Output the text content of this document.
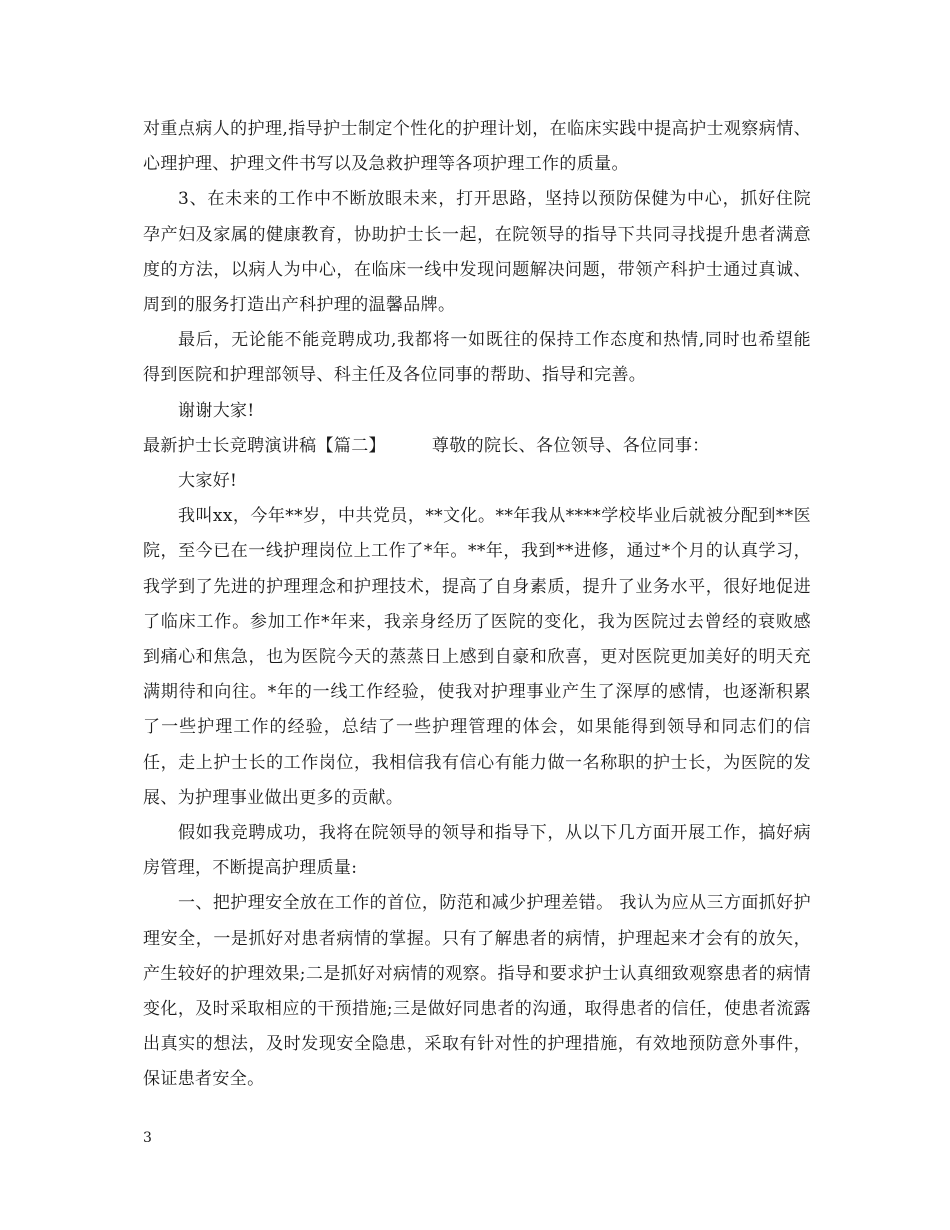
对重点病人的护理,指导护士制定个性化的护理计划，在临床实践中提高护士观察病情、心理护理、护理文件书写以及急救护理等各项护理工作的质量。

3、在未来的工作中不断放眼未来，打开思路，坚持以预防保健为中心，抓好住院孕产妇及家属的健康教育，协助护士长一起，在院领导的指导下共同寻找提升患者满意度的方法，以病人为中心，在临床一线中发现问题解决问题，带领产科护士通过真诚、周到的服务打造出产科护理的温馨品牌。

最后，无论能不能竞聘成功,我都将一如既往的保持工作态度和热情,同时也希望能得到医院和护理部领导、科主任及各位同事的帮助、指导和完善。

谢谢大家!

最新护士长竞聘演讲稿【篇二】        尊敬的院长、各位领导、各位同事：

大家好!

我叫xx，今年**岁，中共党员，**文化。**年我从****学校毕业后就被分配到**医院，至今已在一线护理岗位上工作了*年。**年，我到**进修，通过*个月的认真学习，我学到了先进的护理理念和护理技术，提高了自身素质，提升了业务水平，很好地促进了临床工作。参加工作*年来，我亲身经历了医院的变化，我为医院过去曾经的衰败感到痛心和焦急，也为医院今天的蒸蒸日上感到自豪和欣喜，更对医院更加美好的明天充满期待和向往。*年的一线工作经验，使我对护理事业产生了深厚的感情，也逐渐积累了一些护理工作的经验，总结了一些护理管理的体会，如果能得到领导和同志们的信任，走上护士长的工作岗位，我相信我有信心有能力做一名称职的护士长，为医院的发展、为护理事业做出更多的贡献。

假如我竞聘成功，我将在院领导的领导和指导下，从以下几方面开展工作，搞好病房管理，不断提高护理质量:

一、把护理安全放在工作的首位，防范和减少护理差错。 我认为应从三方面抓好护理安全，一是抓好对患者病情的掌握。只有了解患者的病情，护理起来才会有的放矢，产生较好的护理效果;二是抓好对病情的观察。指导和要求护士认真细致观察患者的病情变化，及时采取相应的干预措施;三是做好同患者的沟通，取得患者的信任，使患者流露出真实的想法，及时发现安全隐患，采取有针对性的护理措施，有效地预防意外事件，保证患者安全。

3
